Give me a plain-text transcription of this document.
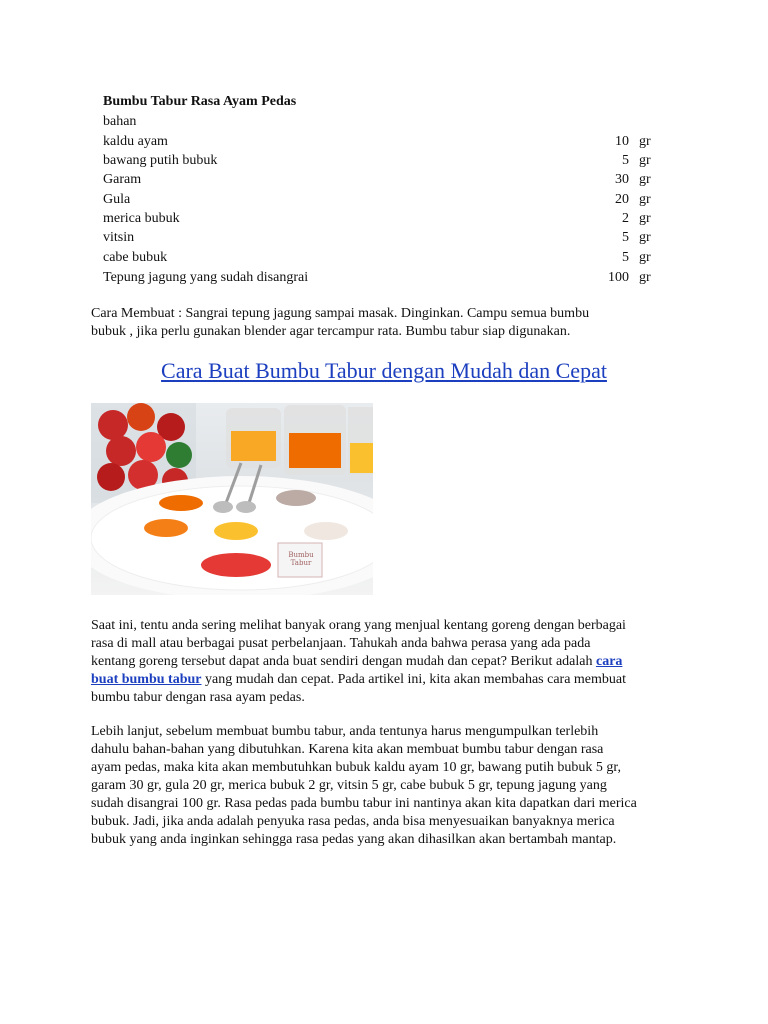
Bumbu Tabur Rasa Ayam Pedas
bahan
kaldu ayam	10 gr
bawang putih bubuk	5 gr
Garam	30 gr
Gula	20 gr
merica bubuk	2 gr
vitsin	5 gr
cabe bubuk	5 gr
Tepung jagung yang sudah disangrai	100 gr

Cara Membuat : Sangrai tepung jagung sampai masak. Dinginkan. Campu semua bumbu
bubuk , jika perlu gunakan blender agar tercampur rata. Bumbu tabur siap digunakan.

Cara Buat Bumbu Tabur dengan Mudah dan Cepat
Bumbu Tabur

Saat ini, tentu anda sering melihat banyak orang yang menjual kentang goreng dengan berbagai
rasa di mall atau berbagai pusat perbelanjaan. Tahukah anda bahwa perasa yang ada pada
kentang goreng tersebut dapat anda buat sendiri dengan mudah dan cepat? Berikut adalah cara
buat bumbu tabur yang mudah dan cepat. Pada artikel ini, kita akan membahas cara membuat
bumbu tabur dengan rasa ayam pedas.

Lebih lanjut, sebelum membuat bumbu tabur, anda tentunya harus mengumpulkan terlebih
dahulu bahan-bahan yang dibutuhkan. Karena kita akan membuat bumbu tabur dengan rasa
ayam pedas, maka kita akan membutuhkan bubuk kaldu ayam 10 gr, bawang putih bubuk 5 gr,
garam 30 gr, gula 20 gr, merica bubuk 2 gr, vitsin 5 gr, cabe bubuk 5 gr, tepung jagung yang
sudah disangrai 100 gr. Rasa pedas pada bumbu tabur ini nantinya akan kita dapatkan dari merica
bubuk. Jadi, jika anda adalah penyuka rasa pedas, anda bisa menyesuaikan banyaknya merica
bubuk yang anda inginkan sehingga rasa pedas yang akan dihasilkan akan bertambah mantap.
